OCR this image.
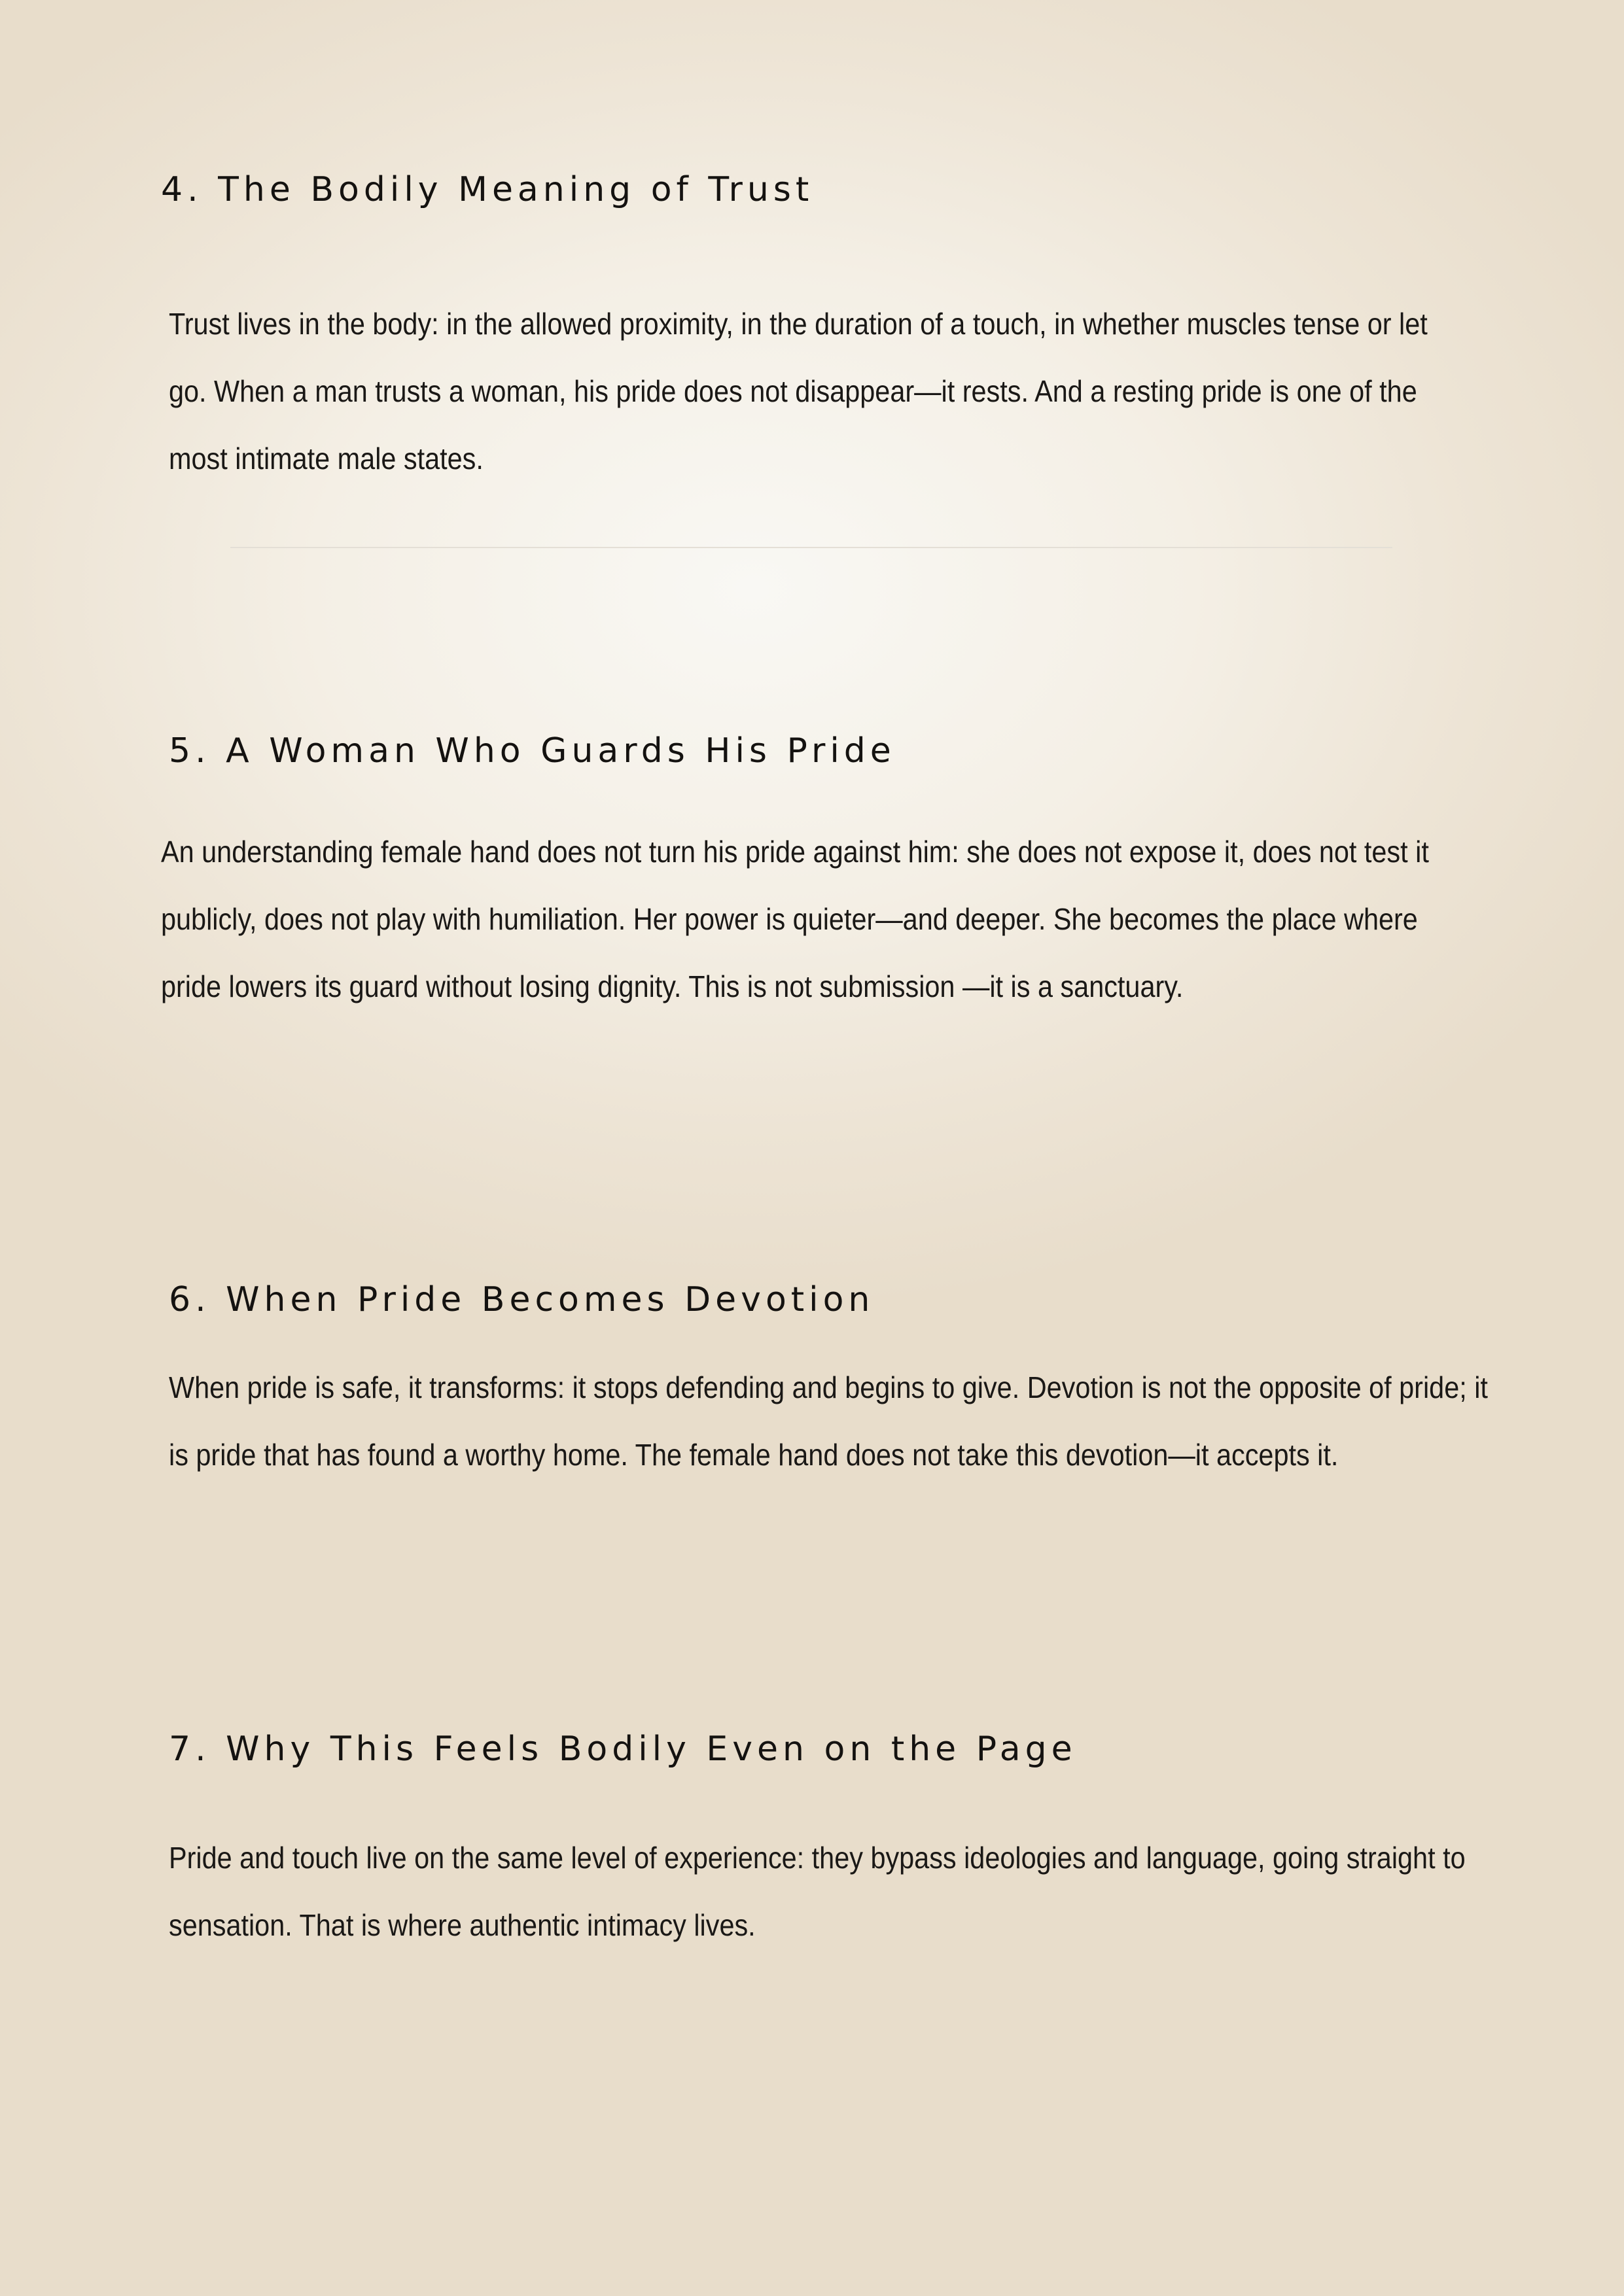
4. The Bodily Meaning of Trust

Trust lives in the body: in the allowed proximity, in the duration of a touch, in whether muscles tense or let go. When a man trusts a woman, his pride does not disappear—it rests. And a resting pride is one of the most intimate male states.

5. A Woman Who Guards His Pride

An understanding female hand does not turn his pride against him: she does not expose it, does not test it publicly, does not play with humiliation. Her power is quieter—and deeper. She becomes the place where pride lowers its guard without losing dignity. This is not submission —it is a sanctuary.

6. When Pride Becomes Devotion

When pride is safe, it transforms: it stops defending and begins to give. Devotion is not the opposite of pride; it is pride that has found a worthy home. The female hand does not take this devotion—it accepts it.

7. Why This Feels Bodily Even on the Page

Pride and touch live on the same level of experience: they bypass ideologies and language, going straight to sensation. That is where authentic intimacy lives.
